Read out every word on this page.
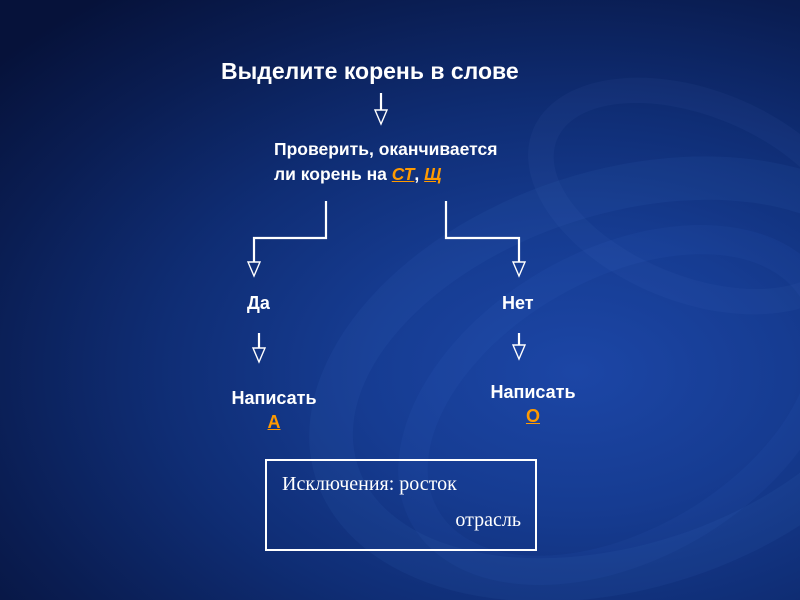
Выделите корень в слове
Проверить, оканчивается
ли корень на СТ, Щ
Да	Нет
Написать
А
Написать
О
Исключения: росток
отрасль
